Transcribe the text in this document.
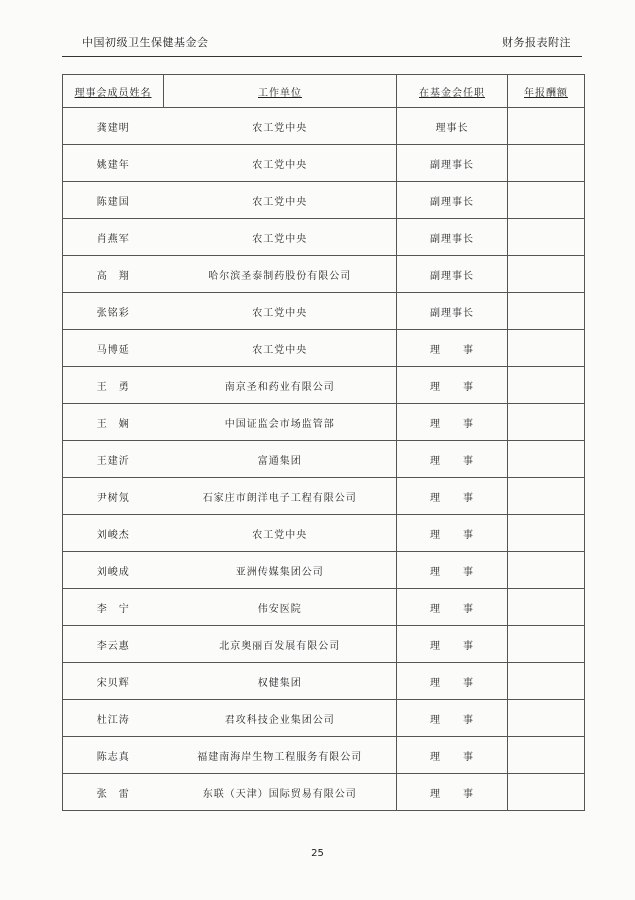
中国初级卫生保健基金会	财务报表附注
理事会成员姓名	工作单位	在基金会任职	年报酬额
龚建明	农工党中央	理事长	
姚建年	农工党中央	副理事长	
陈建国	农工党中央	副理事长	
肖燕军	农工党中央	副理事长	
高　翔	哈尔滨圣泰制药股份有限公司	副理事长	
张铭彩	农工党中央	副理事长	
马博延	农工党中央	理　　事	
王　勇	南京圣和药业有限公司	理　　事	
王　娴	中国证监会市场监管部	理　　事	
王建沂	富通集团	理　　事	
尹树氖	石家庄市朗洋电子工程有限公司	理　　事	
刘峻杰	农工党中央	理　　事	
刘峻成	亚洲传媒集团公司	理　　事	
李　宁	伟安医院	理　　事	
李云惠	北京奥丽百发展有限公司	理　　事	
宋贝辉	权健集团	理　　事	
杜江涛	君攻科技企业集团公司	理　　事	
陈志真	福建南海岸生物工程服务有限公司	理　　事	
张　雷	东联（天津）国际贸易有限公司	理　　事	
25
